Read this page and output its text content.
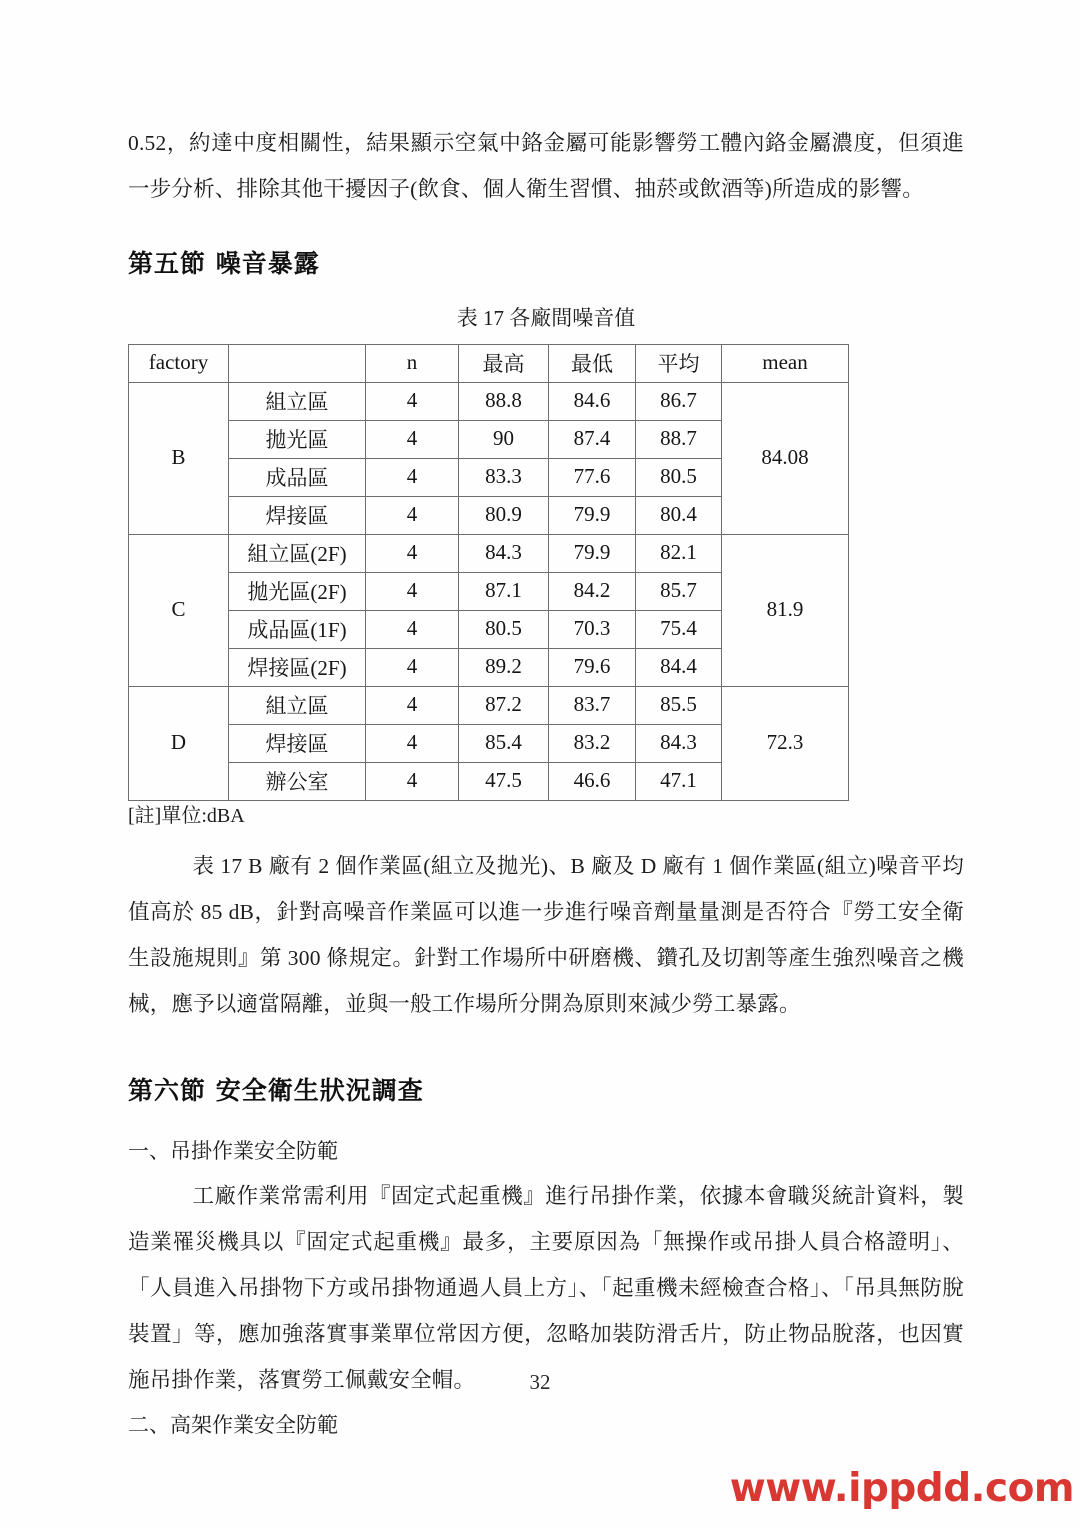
0.52，約達中度相關性，結果顯示空氣中鉻金屬可能影響勞工體內鉻金屬濃度，但須進一步分析、排除其他干擾因子(飲食、個人衛生習慣、抽菸或飲酒等)所造成的影響。

第五節 噪音暴露

表 17 各廠間噪音值

factory		n	最高	最低	平均	mean
B	組立區	4	88.8	84.6	86.7	84.08
	拋光區	4	90	87.4	88.7	
	成品區	4	83.3	77.6	80.5	
	焊接區	4	80.9	79.9	80.4	
C	組立區(2F)	4	84.3	79.9	82.1	81.9
	拋光區(2F)	4	87.1	84.2	85.7	
	成品區(1F)	4	80.5	70.3	75.4	
	焊接區(2F)	4	89.2	79.6	84.4	
D	組立區	4	87.2	83.7	85.5	72.3
	焊接區	4	85.4	83.2	84.3	
	辦公室	4	47.5	46.6	47.1	

[註]單位:dBA

表 17 B 廠有 2 個作業區(組立及拋光)、B 廠及 D 廠有 1 個作業區(組立)噪音平均值高於 85 dB，針對高噪音作業區可以進一步進行噪音劑量量測是否符合『勞工安全衛生設施規則』第 300 條規定。針對工作場所中研磨機、鑽孔及切割等產生強烈噪音之機械，應予以適當隔離，並與一般工作場所分開為原則來減少勞工暴露。

第六節 安全衛生狀況調查

一、吊掛作業安全防範

工廠作業常需利用『固定式起重機』進行吊掛作業，依據本會職災統計資料，製造業罹災機具以『固定式起重機』最多，主要原因為「無操作或吊掛人員合格證明」、「人員進入吊掛物下方或吊掛物通過人員上方」、「起重機未經檢查合格」、「吊具無防脫裝置」等，應加強落實事業單位常因方便，忽略加裝防滑舌片，防止物品脫落，也因實施吊掛作業，落實勞工佩戴安全帽。

二、高架作業安全防範

32
www.ippdd.com
